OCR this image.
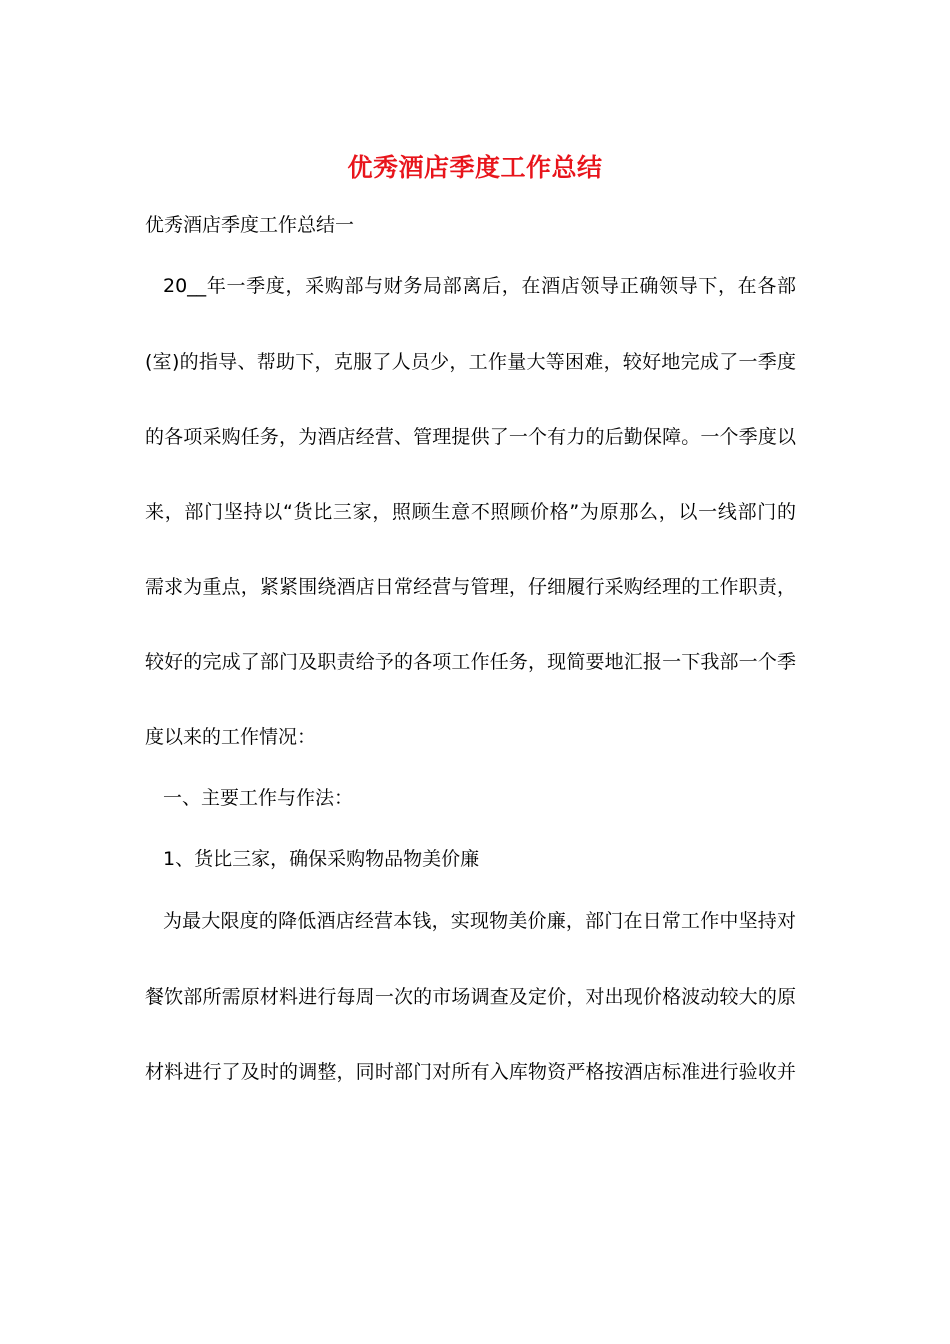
优秀酒店季度工作总结
优秀酒店季度工作总结一
20__年一季度，采购部与财务局部离后，在酒店领导正确领导下，在各部
(室)的指导、帮助下，克服了人员少，工作量大等困难，较好地完成了一季度
的各项采购任务，为酒店经营、管理提供了一个有力的后勤保障。一个季度以
来，部门坚持以“货比三家，照顾生意不照顾价格”为原那么，以一线部门的
需求为重点，紧紧围绕酒店日常经营与管理，仔细履行采购经理的工作职责，
较好的完成了部门及职责给予的各项工作任务，现简要地汇报一下我部一个季
度以来的工作情况：
一、主要工作与作法：
1、货比三家，确保采购物品物美价廉
为最大限度的降低酒店经营本钱，实现物美价廉，部门在日常工作中坚持对
餐饮部所需原材料进行每周一次的市场调查及定价，对出现价格波动较大的原
材料进行了及时的调整，同时部门对所有入库物资严格按酒店标准进行验收并
